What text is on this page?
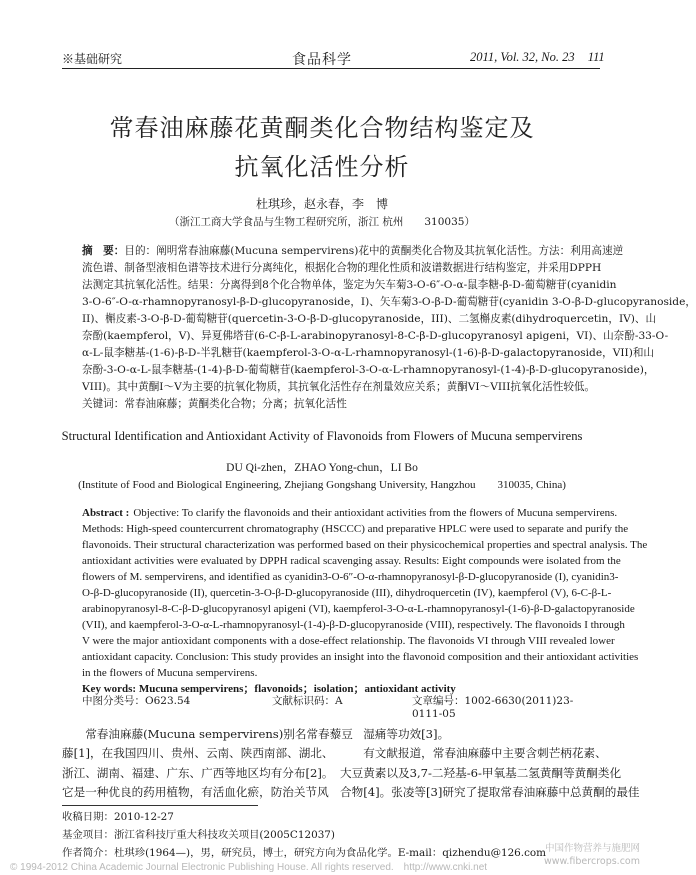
※基础研究	食品科学	2011, Vol. 32, No. 23 111
常春油麻藤花黄酮类化合物结构鉴定及
抗氧化活性分析
杜琪珍，赵永春，李　博
（浙江工商大学食品与生物工程研究所，浙江 杭州　　310035）

摘　要：目的：阐明常春油麻藤(Mucuna sempervirens)花中的黄酮类化合物及其抗氧化活性。方法：利用高速逆

流色谱、制备型液相色谱等技术进行分离纯化，根据化合物的理化性质和波谱数据进行结构鉴定，并采用DPPH

法测定其抗氧化活性。结果：分离得到8个化合物单体，鉴定为矢车菊3-O-6″-O-α-鼠李糖-β-D-葡萄糖苷(cyanidin

3-O-6″-O-α-rhamnopyranosyl-β-D-glucopyranoside，I)、矢车菊3-O-β-D-葡萄糖苷(cyanidin 3-O-β-D-glucopyranoside，

II)、槲皮素-3-O-β-D-葡萄糖苷(quercetin-3-O-β-D-glucopyranoside，III)、二氢槲皮素(dihydroquercetin，IV)、山

奈酚(kaempferol，V)、异夏佛塔苷(6-C-β-L-arabinopyranosyl-8-C-β-D-glucopyranosyl apigeni，VI)、山奈酚-33-O-

α-L-鼠李糖基-(1-6)-β-D-半乳糖苷(kaempferol-3-O-α-L-rhamnopyranosyl-(1-6)-β-D-galactopyranoside，VII)和山

奈酚-3-O-α-L-鼠李糖基-(1-4)-β-D-葡萄糖苷(kaempferol-3-O-α-L-rhamnopyranosyl-(1-4)-β-D-glucopyranoside)，

VIII)。其中黄酮I～V为主要的抗氧化物质，其抗氧化活性存在剂量效应关系；黄酮VI～VIII抗氧化活性较低。

关键词：常春油麻藤；黄酮类化合物；分离；抗氧化活性

Structural Identification and Antioxidant Activity of Flavonoids from Flowers of Mucuna sempervirens
DU Qi-zhen，ZHAO Yong-chun，LI Bo
(Institute of Food and Biological Engineering, Zhejiang Gongshang University, Hangzhou　　310035, China)

Abstract : Objective: To clarify the flavonoids and their antioxidant activities from the flowers of Mucuna sempervirens.

Methods: High-speed countercurrent chromatography (HSCCC) and preparative HPLC were used to separate and purify the

flavonoids. Their structural characterization was performed based on their physicochemical properties and spectral analysis. The

antioxidant activities were evaluated by DPPH radical scavenging assay. Results: Eight compounds were isolated from the

flowers of M. sempervirens, and identified as cyanidin3-O-6″-O-α-rhamnopyranosyl-β-D-glucopyranoside (I), cyanidin3-

O-β-D-glucopyranoside (II), quercetin-3-O-β-D-glucopyranoside (III), dihydroquercetin (IV), kaempferol (V), 6-C-β-L-

arabinopyranosyl-8-C-β-D-glucopyranosyl apigeni (VI), kaempferol-3-O-α-L-rhamnopyranosyl-(1-6)-β-D-galactopyranoside

(VII), and kaempferol-3-O-α-L-rhamnopyranosyl-(1-4)-β-D-glucopyranoside (VIII), respectively. The flavonoids I through

V were the major antioxidant components with a dose-effect relationship. The flavonoids VI through VIII revealed lower

antioxidant capacity. Conclusion: This study provides an insight into the flavonoid composition and their antioxidant activities

in the flowers of Mucuna sempervirens.

Key words: Mucuna sempervirens；flavonoids；isolation；antioxidant activity

中图分类号：O623.54	文献标识码：A	文章编号：1002-6630(2011)23-0111-05

常春油麻藤(Mucuna sempervirens)别名常春藜豆

藤[1]，在我国四川、贵州、云南、陕西南部、湖北、

浙江、湖南、福建、广东、广西等地区均有分布[2]。

它是一种优良的药用植物，有活血化瘀，防治关节风

湿痛等功效[3]。

有文献报道，常春油麻藤中主要含刺芒柄花素、

大豆黄素以及3,7-二羟基-6-甲氧基二氢黄酮等黄酮类化

合物[4]。张凌等[3]研究了提取常春油麻藤中总黄酮的最佳

收稿日期：2010-12-27

基金项目：浙江省科技厅重大科技攻关项目(2005C12037)

作者简介：杜琪珍(1964—)，男，研究员，博士，研究方向为食品化学。E-mail：qizhendu@126.com

© 1994-2012 China Academic Journal Electronic Publishing House. All rights reserved.　http://www.cnki.net
中国作物营养与施肥网 www.fibercrops.com
